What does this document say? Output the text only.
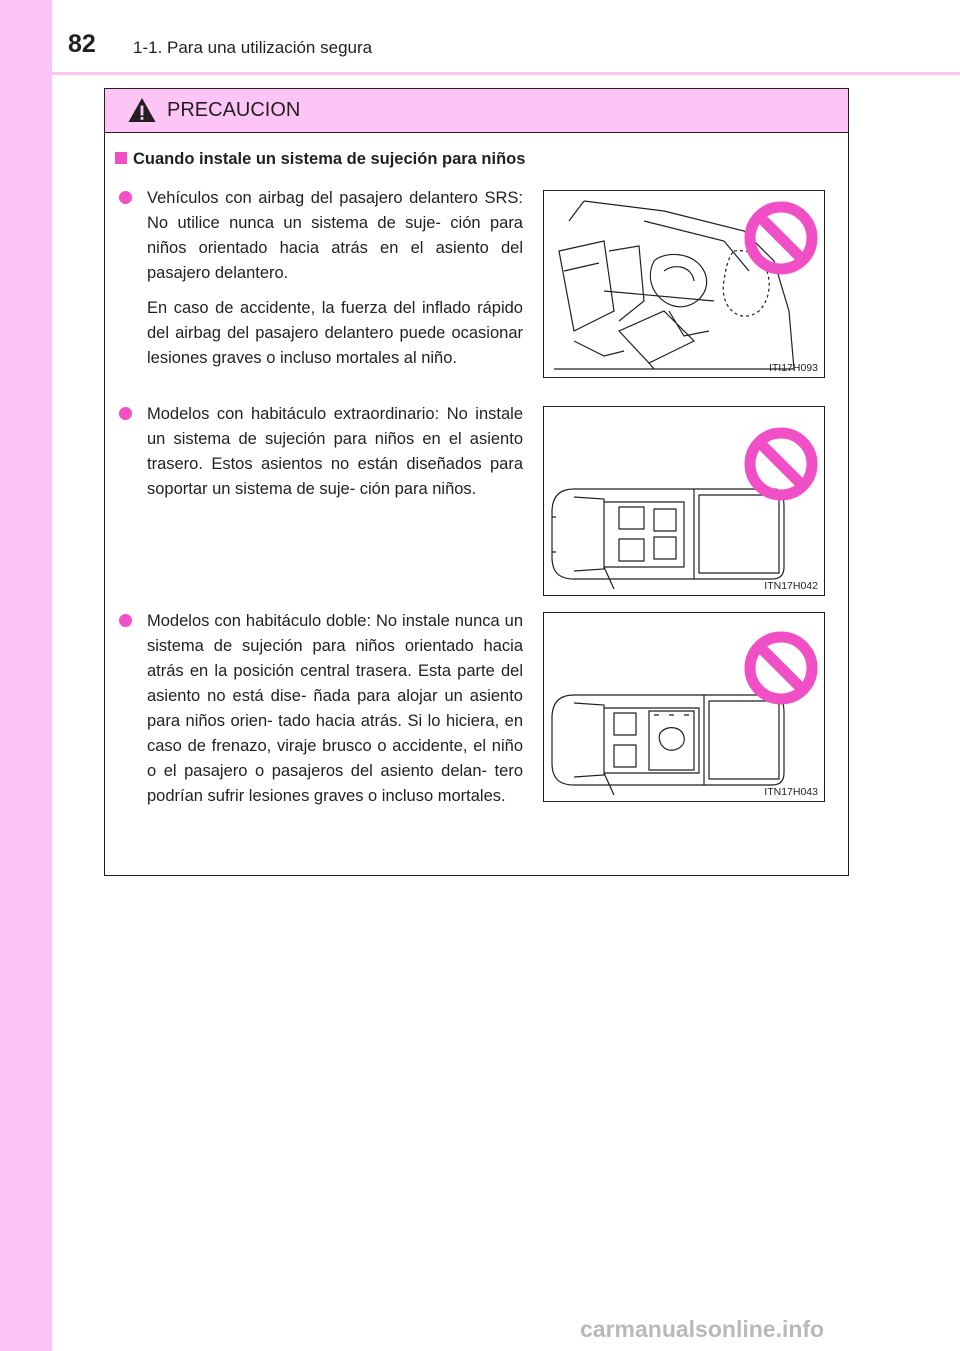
82 1-1. Para una utilización segura
PRECAUCION
Cuando instale un sistema de sujeción para niños

Vehículos con airbag del pasajero delantero SRS: No utilice nunca un sistema de suje- ción para niños orientado hacia atrás en el asiento del pasajero delantero.

En caso de accidente, la fuerza del inflado rápido del airbag del pasajero delantero puede ocasionar lesiones graves o incluso mortales al niño.

ITI17H093

Modelos con habitáculo extraordinario: No instale un sistema de sujeción para niños en el asiento trasero. Estos asientos no están diseñados para soportar un sistema de suje- ción para niños.

ITN17H042

Modelos con habitáculo doble: No instale nunca un sistema de sujeción para niños orientado hacia atrás en la posición central trasera. Esta parte del asiento no está dise- ñada para alojar un asiento para niños orien- tado hacia atrás. Si lo hiciera, en caso de frenazo, viraje brusco o accidente, el niño o el pasajero o pasajeros del asiento delan- tero podrían sufrir lesiones graves o incluso mortales.	ITN17H043
carmanualsonline.info
